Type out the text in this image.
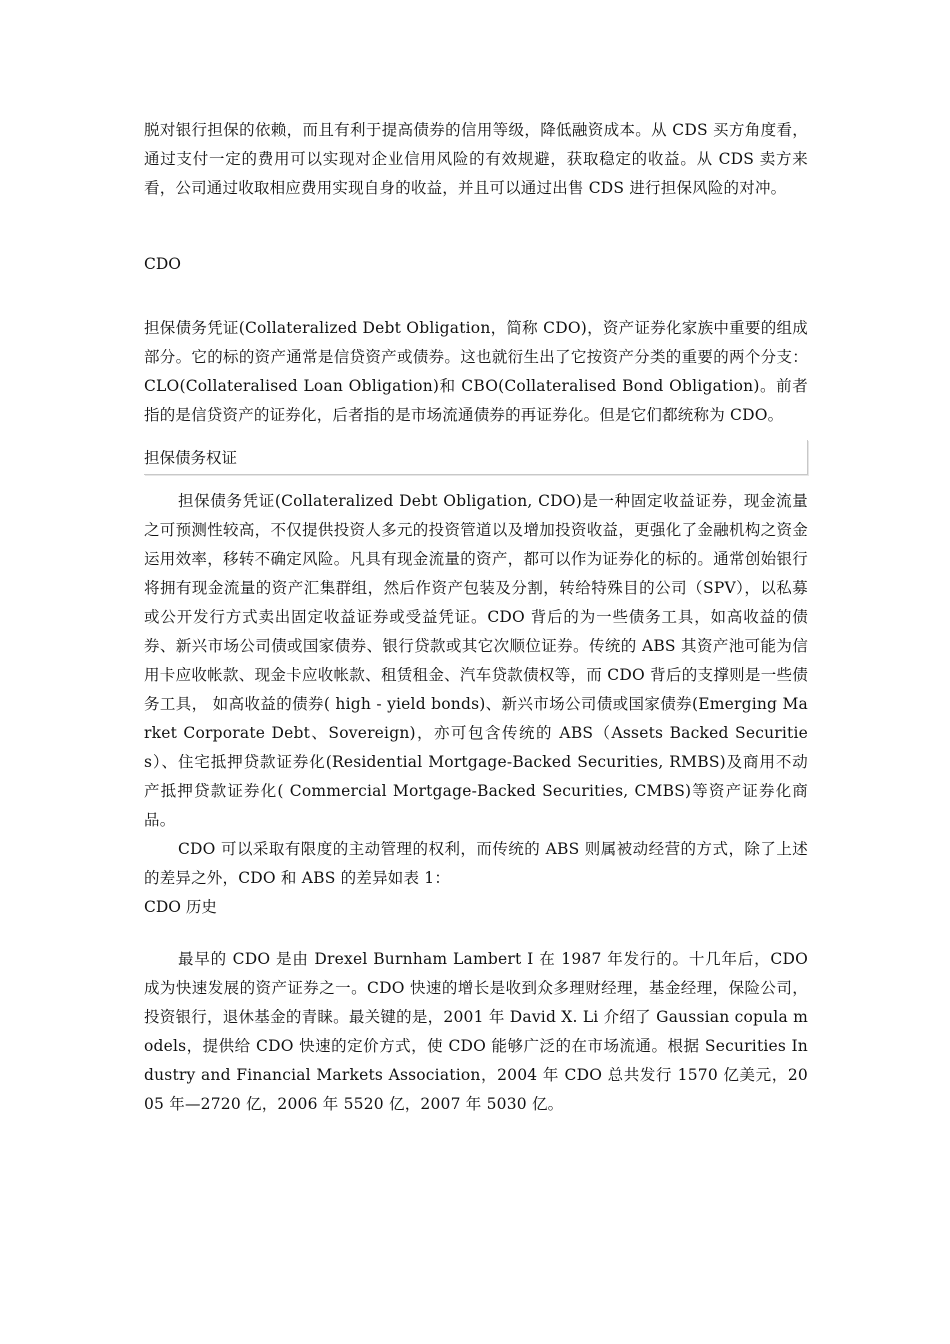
脱对银行担保的依赖，而且有利于提高债券的信用等级，降低融资成本。从 CDS 买方角度看，通过支付一定的费用可以实现对企业信用风险的有效规避，获取稳定的收益。从 CDS 卖方来看，公司通过收取相应费用实现自身的收益，并且可以通过出售 CDS 进行担保风险的对冲。

CDO

担保债务凭证(Collateralized Debt Obligation，简称 CDO)，资产证券化家族中重要的组成部分。它的标的资产通常是信贷资产或债券。这也就衍生出了它按资产分类的重要的两个分支：CLO(Collateralised Loan Obligation)和 CBO(Collateralised Bond Obligation)。前者指的是信贷资产的证券化，后者指的是市场流通债券的再证券化。但是它们都统称为 CDO。

担保债务权证

担保债务凭证(Collateralized Debt Obligation, CDO)是一种固定收益证券，现金流量之可预测性较高，不仅提供投资人多元的投资管道以及增加投资收益，更强化了金融机构之资金运用效率，移转不确定风险。凡具有现金流量的资产，都可以作为证券化的标的。通常创始银行将拥有现金流量的资产汇集群组，然后作资产包装及分割，转给特殊目的公司（SPV），以私募或公开发行方式卖出固定收益证券或受益凭证。CDO 背后的为一些债务工具，如高收益的债券、新兴市场公司债或国家债券、银行贷款或其它次顺位证券。传统的 ABS 其资产池可能为信用卡应收帐款、现金卡应收帐款、租赁租金、汽车贷款债权等，而 CDO 背后的支撑则是一些债务工具， 如高收益的债券( high - yield bonds)、新兴市场公司债或国家债券(Emerging Market Corporate Debt、Sovereign)，亦可包含传统的 ABS（Assets Backed Securities）、住宅抵押贷款证券化(Residential Mortgage-Backed Securities, RMBS)及商用不动产抵押贷款证券化( Commercial Mortgage-Backed Securities, CMBS)等资产证券化商品。

CDO 可以采取有限度的主动管理的权利，而传统的 ABS 则属被动经营的方式，除了上述的差异之外，CDO 和 ABS 的差异如表 1：

CDO 历史

最早的 CDO 是由 Drexel Burnham Lambert I 在 1987 年发行的。十几年后，CDO 成为快速发展的资产证券之一。CDO 快速的增长是收到众多理财经理，基金经理，保险公司，投资银行，退休基金的青睐。最关键的是，2001 年 David X. Li 介绍了 Gaussian copula models，提供给 CDO 快速的定价方式，使 CDO 能够广泛的在市场流通。根据 Securities Industry and Financial Markets Association，2004 年 CDO 总共发行 1570 亿美元，2005 年—2720 亿，2006 年 5520 亿，2007 年 5030 亿。
